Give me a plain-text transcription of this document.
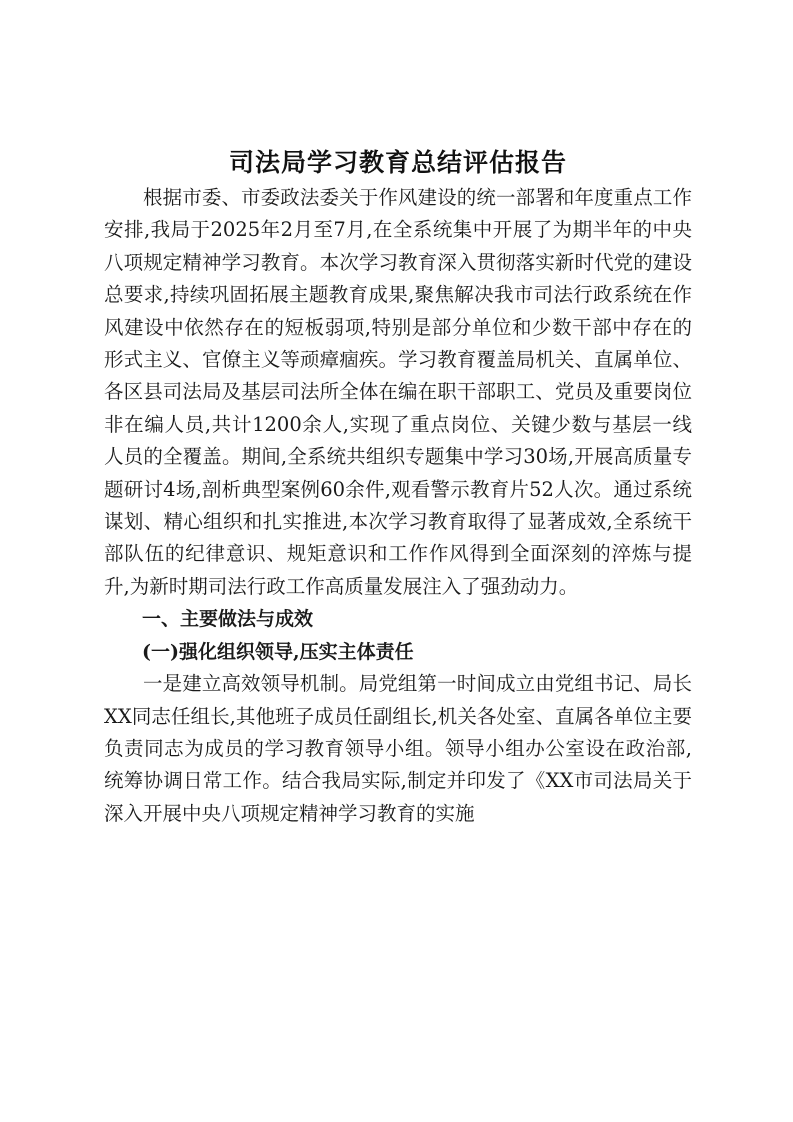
司法局学习教育总结评估报告

根据市委、市委政法委关于作风建设的统一部署和年度重点工作安排,我局于2025年2月至7月,在全系统集中开展了为期半年的中央八项规定精神学习教育。本次学习教育深入贯彻落实新时代党的建设总要求,持续巩固拓展主题教育成果,聚焦解决我市司法行政系统在作风建设中依然存在的短板弱项,特别是部分单位和少数干部中存在的形式主义、官僚主义等顽瘴痼疾。学习教育覆盖局机关、直属单位、各区县司法局及基层司法所全体在编在职干部职工、党员及重要岗位非在编人员,共计1200余人,实现了重点岗位、关键少数与基层一线人员的全覆盖。期间,全系统共组织专题集中学习30场,开展高质量专题研讨4场,剖析典型案例60余件,观看警示教育片52人次。通过系统谋划、精心组织和扎实推进,本次学习教育取得了显著成效,全系统干部队伍的纪律意识、规矩意识和工作作风得到全面深刻的淬炼与提升,为新时期司法行政工作高质量发展注入了强劲动力。

一、主要做法与成效

(一)强化组织领导,压实主体责任

一是建立高效领导机制。局党组第一时间成立由党组书记、局长XX同志任组长,其他班子成员任副组长,机关各处室、直属各单位主要负责同志为成员的学习教育领导小组。领导小组办公室设在政治部,统筹协调日常工作。结合我局实际,制定并印发了《XX市司法局关于深入开展中央八项规定精神学习教育的实施
